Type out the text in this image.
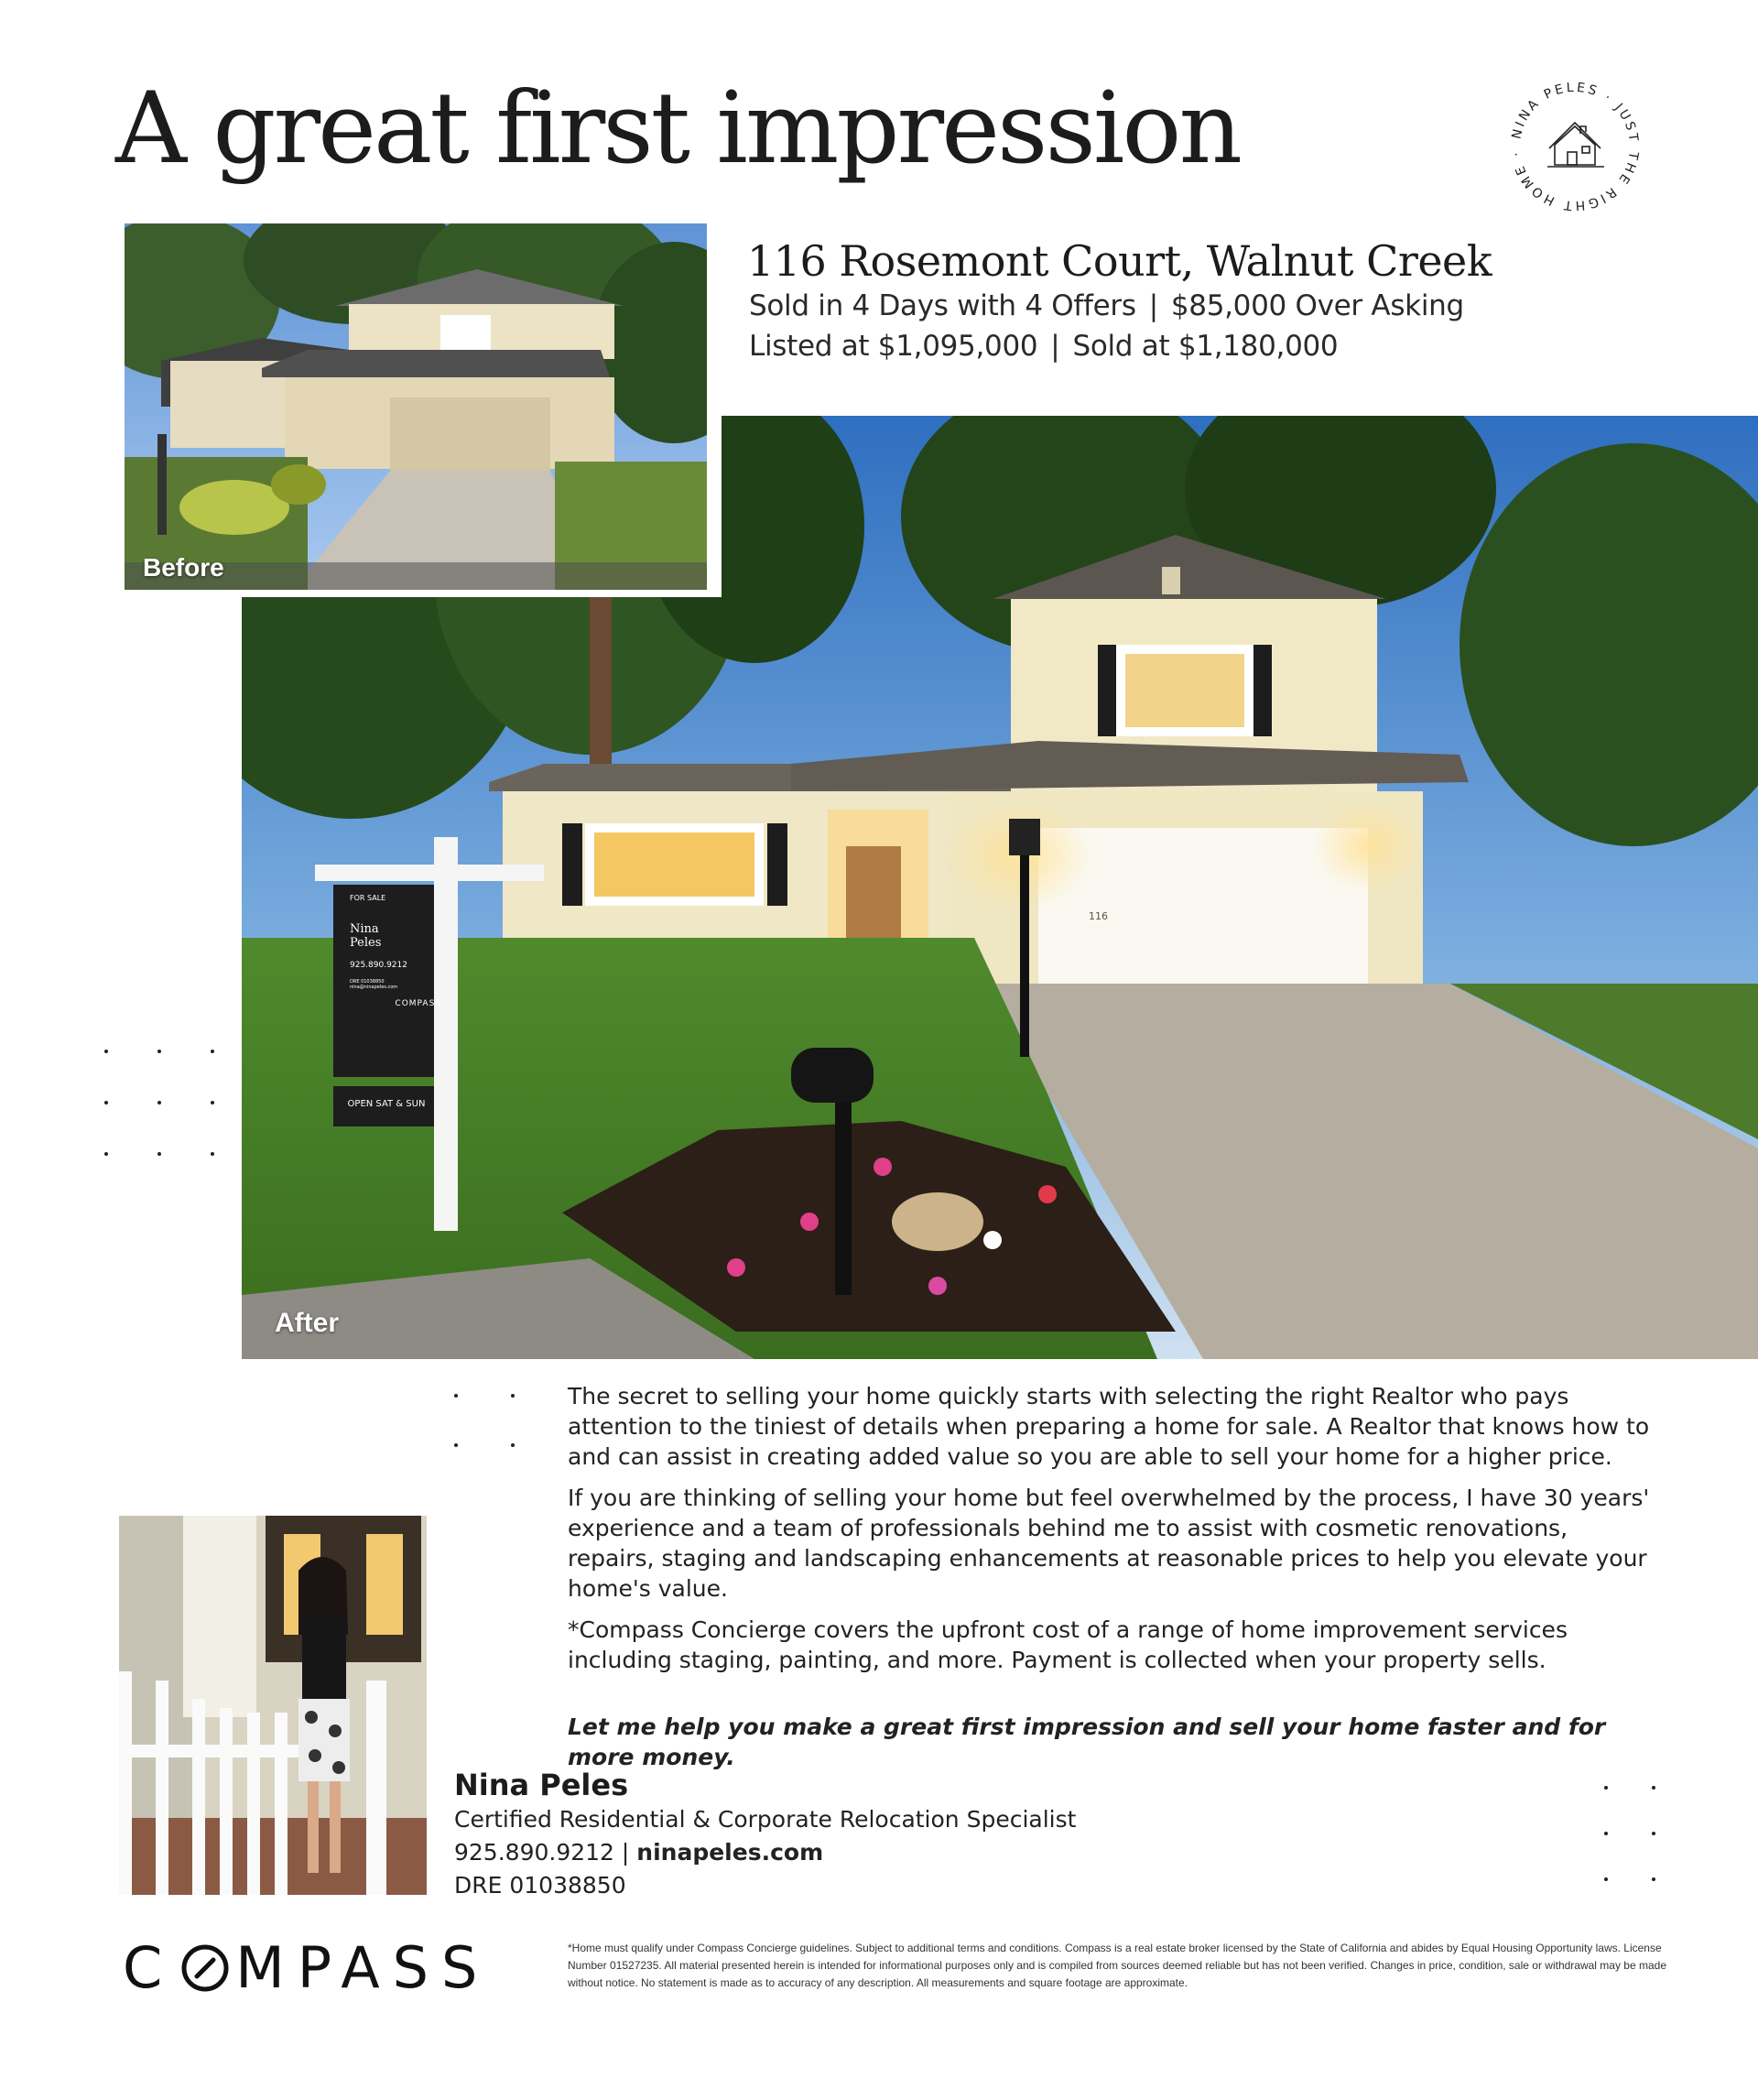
A great first impression	NINA PELES · JUST THE RIGHT HOME ·
Before
116 Rosemont Court, Walnut Creek
Sold in 4 Days with 4 Offers | $85,000 Over Asking
Listed at $1,095,000 | Sold at $1,180,000
FOR SALE
Nina
Peles
925.890.9212
DRE 01038850
nina@ninapeles.com
COMPASS
OPEN SAT & SUN
116
After

The secret to selling your home quickly starts with selecting the right Realtor who pays attention to the tiniest of details when preparing a home for sale. A Realtor that knows how to and can assist in creating added value so you are able to sell your home for a higher price.

If you are thinking of selling your home but feel overwhelmed by the process, I have 30 years' experience and a team of professionals behind me to assist with cosmetic renovations, repairs, staging and landscaping enhancements at reasonable prices to help you elevate your home's value.

*Compass Concierge covers the upfront cost of a range of home improvement services including staging, painting, and more. Payment is collected when your property sells.

Let me help you make a great first impression and sell your home faster and for more money.

Nina Peles
Certified Residential & Corporate Relocation Specialist
925.890.9212 | ninapeles.com
DRE 01038850
C MPASS	*Home must qualify under Compass Concierge guidelines. Subject to additional terms and conditions. Compass is a real estate broker licensed by the State of California and abides by Equal Housing Opportunity laws. License Number 01527235. All material presented herein is intended for informational purposes only and is compiled from sources deemed reliable but has not been verified. Changes in price, condition, sale or withdrawal may be made without notice. No statement is made as to accuracy of any description. All measurements and square footage are approximate.
